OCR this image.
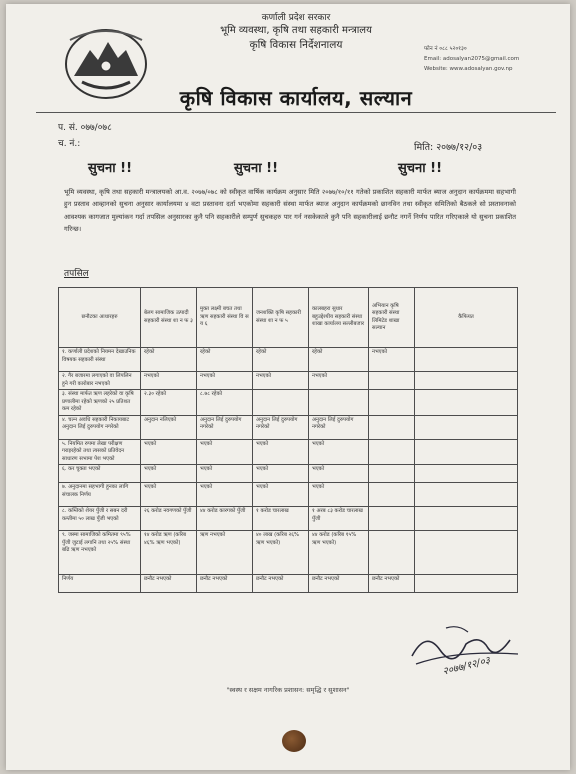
कर्णाली प्रदेश सरकार
भूमि व्यवस्था, कृषि तथा सहकारी मन्त्रालय
कृषि विकास निर्देशनालय	फोन नं ०८८ ५२०१३०
Email: adosalyan2075@gmail.com
Website: www.adosalyan.gov.np
कृषि विकास कार्यालय, सल्यान
प. सं. ०७७/०७८
च. नं.:	मिति: २०७७/१२/०३
सुचना !!	सुचना !!	सुचना !!
भूमि व्यवस्था, कृषि तथा सहकारी मन्त्रालयको आ.व. २०७७/०७८ को स्वीकृत वार्षिक कार्यक्रम अनुसार मिति २०७७/१०/११ गतेको प्रकाशित सहकारी मार्फत ब्याज अनुदान कार्यक्रममा सहभागी हुन प्रस्ताव आव्हानको सुचना अनुसार कार्यालयमा ४ वटा प्रस्तावना दर्ता भएकोमा सहकारी संस्था मार्फत ब्याज अनुदान कार्यक्रमको छानविन तथा स्वीकृत समितिको बैठकले सो प्रस्तावनाको आवश्यक कागजात मुल्यांकन गर्दा तपसिल अनुसारका कुनै पनि सहकारीले सम्पुर्ण सुचकहरु पार गर्न नसकेकाले कुनै पनि सहकारीलाई छनौट नगर्ने निर्णय पारित गरिएकाले यो सुचना प्रकाशित गरिन्छ।
तपसिल
छनौटका आधारहरु	बेलग सामाजिक उत्पादी सहकारी संस्था शा न फ ३	मुक्त लक्ष्मी बचत तथा ऋण सहकारी संस्था वि स य ६	जनशक्ति कृषि सहकारी संस्था शा न फ ५	कालबहरा सुधार बहुउद्देश्यीय सहकारी संस्था शाखा कार्यालय सल्लीबजार	अभियान कृषि सहकारी संस्था लिमिटेड शाखा सल्यान	कैफियत
१. कर्णाली प्रदेशको नियमन देखाउनिक विषयक सहकारी संस्था	रहेको	रहेको	रहेको	रहेको	नभएको	
२. गैर बजारमा लगाएको वा लिपलिन हुने गरी कारोबार नभएको	नभएको	नभएको	नभएको	नभएको		
३. संस्था मार्फत ऋण लहरेको वा कृषि प्रणालीमा रहेको ऋणको २५ प्रतिशत कम रहेको	२.३० रहेको	८.७८ रहेको				
४. चल्न अवधि सहकारी निकायबाट अनुदान लिई दुरुपयोग नगरेको	अनुदान नलिएको	अनुदान लिई दुरुपयोग नगरेको	अनुदान लिई दुरुपयोग नगरेको	अनुदान लिई दुरुपयोग नगरेको		
५. नियमित रुपमा लेखा परीक्षण गराइरहेको तथा त्यसको प्रतिवेदन साधारण सभामा पेश भएको	भएको	भएको	भएको	भएको		
६. कर चुक्ता भएको	भएको	भएको	भएको	भएको		
७. अनुदानमा सहभागी हुनका लागि संचालक निर्णय	भएको	भएको	भएको	भएको		
८. कम्तिको शेयर पुँजी र सबन दरी कम्तीमा ५० लाख पुँजी भएको	२६ करोड नवगणको पुँजी	४४ करोड कारगको पुँजी	१ करोड चारलाख	१ अरब ८३ करोड चारलाख पुँजी		
९. जस्मा सामाजिको कमितमा ९५% पुँजी जुटाई लगानि तथा २५% संस्था बढि ऋण नभएको	१४ करोड ऋण (करिब ४६% ऋण भएको)	ऋण नभएको	४० लाख (करिब २६% ऋण भएको)	४४ करोड (करिब १५% ऋण भएको)		
निर्णय	छनौट नभएको	छनौट नभएको	छनौट नभएको	छनौट नभएको	छनौट नभएको	
२०७७/१२/०३
"स्वस्थ र सक्षम नागरिक प्रशासन: समृद्धि र सुशासन"
